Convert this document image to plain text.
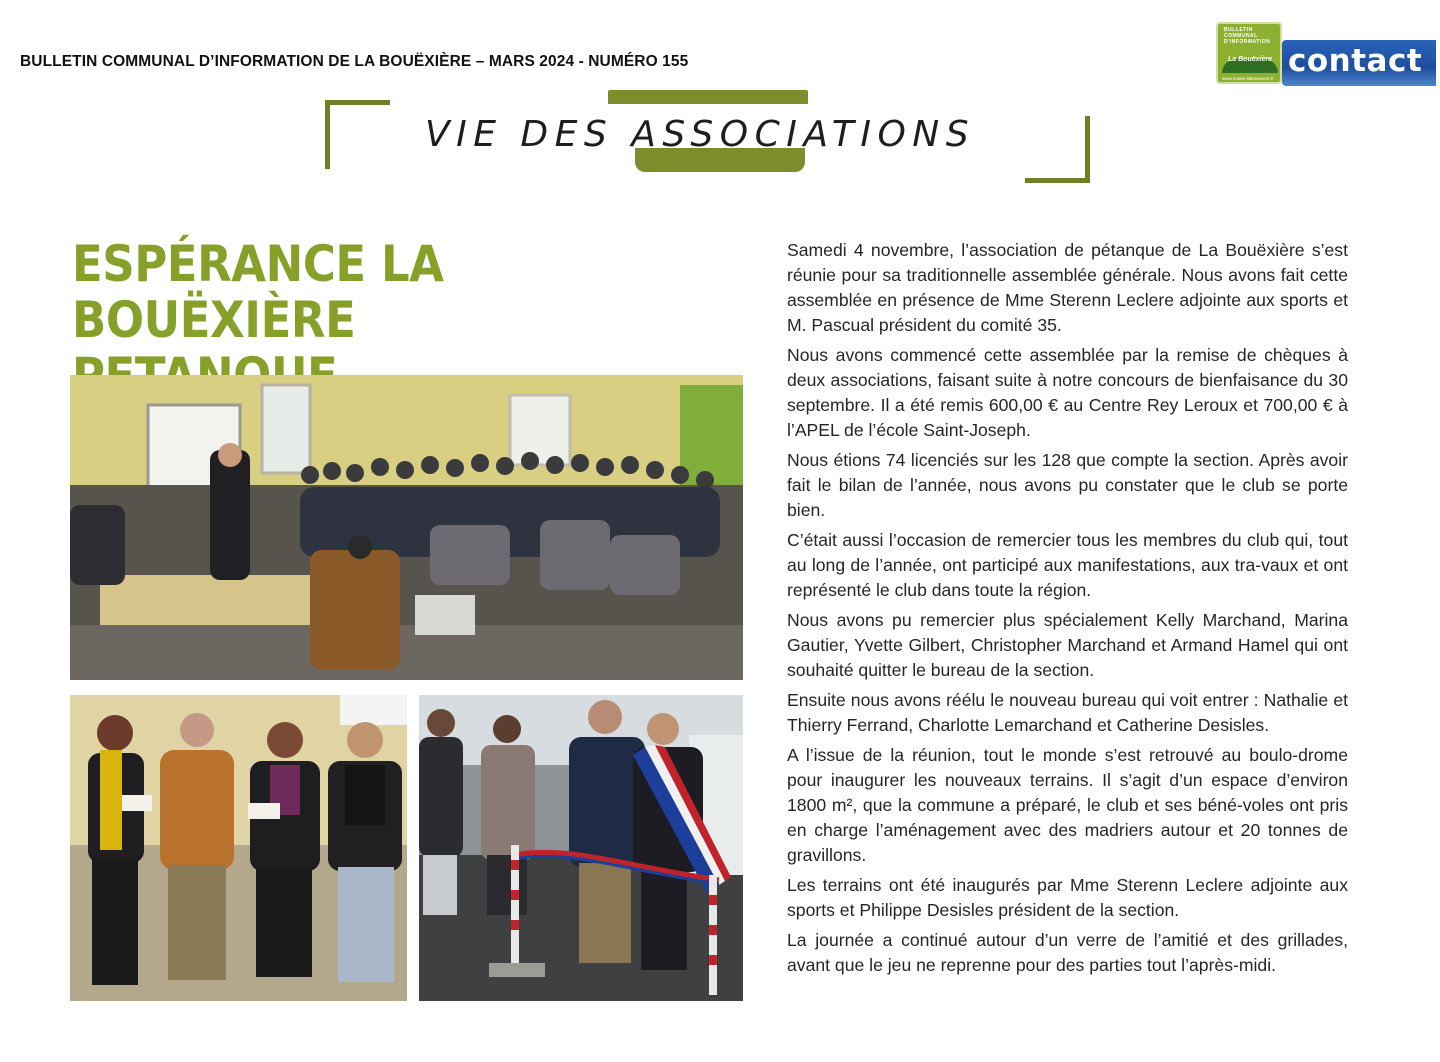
BULLETIN COMMUNAL D’INFORMATION DE LA BOUËXIÈRE – MARS 2024 - NUMÉRO 155
BULLETIN COMMUNAL D'INFORMATION
La Bouëxière
www.mairie-labouexiere.fr contact
VIE DES ASSOCIATIONS
ESPÉRANCE LA BOUËXIÈRE

Samedi 4 novembre, l’association de pétanque de La Bouëxière s’est réunie pour sa traditionnelle assemblée générale. Nous avons fait cette assemblée en présence de Mme Sterenn Leclere adjointe aux sports et M. Pascual président du comité 35.

Nous avons commencé cette assemblée par la remise de chèques à deux associations, faisant suite à notre concours de bienfaisance du 30 septembre. Il a été remis 600,00 € au Centre Rey Leroux et 700,00 € à l’APEL de l’école Saint-Joseph.

Nous étions 74 licenciés sur les 128 que compte la section. Après avoir fait le bilan de l’année, nous avons pu constater que le club se porte bien.

C’était aussi l’occasion de remercier tous les membres du club qui, tout au long de l’année, ont participé aux manifestations, aux tra-vaux et ont représenté le club dans toute la région.

Nous avons pu remercier plus spécialement Kelly Marchand, Marina Gautier, Yvette Gilbert, Christopher Marchand et Armand Hamel qui ont souhaité quitter le bureau de la section.

Ensuite nous avons réélu le nouveau bureau qui voit entrer : Nathalie et Thierry Ferrand, Charlotte Lemarchand et Catherine Desisles.

A l’issue de la réunion, tout le monde s’est retrouvé au boulo-drome pour inaugurer les nouveaux terrains. Il s’agit d’un espace d’environ 1800 m², que la commune a préparé, le club et ses béné-voles ont pris en charge l’aménagement avec des madriers autour et 20 tonnes de gravillons.

Les terrains ont été inaugurés par Mme Sterenn Leclere adjointe aux sports et Philippe Desisles président de la section.

La journée a continué autour d’un verre de l’amitié et des grillades, avant que le jeu ne reprenne pour des parties tout l’après-midi.
